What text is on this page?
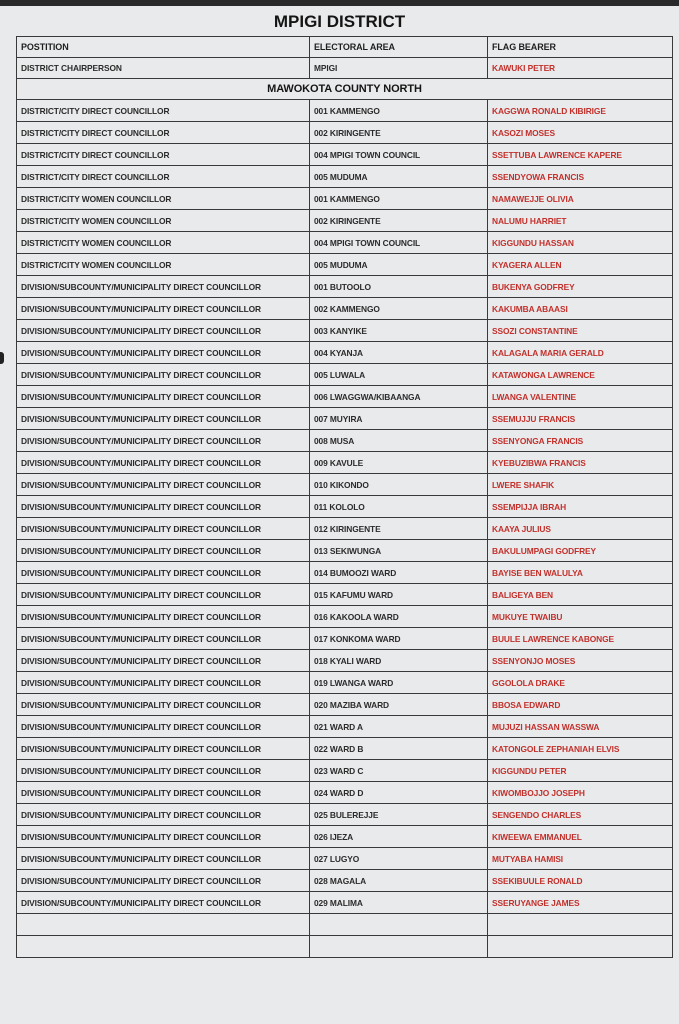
MPIGI DISTRICT
POSTITION	ELECTORAL AREA	FLAG BEARER
DISTRICT CHAIRPERSON	MPIGI	KAWUKI PETER
MAWOKOTA COUNTY NORTH		
DISTRICT/CITY DIRECT COUNCILLOR	001 KAMMENGO	KAGGWA RONALD KIBIRIGE
DISTRICT/CITY DIRECT COUNCILLOR	002 KIRINGENTE	KASOZI MOSES
DISTRICT/CITY DIRECT COUNCILLOR	004 MPIGI TOWN COUNCIL	SSETTUBA LAWRENCE KAPERE
DISTRICT/CITY DIRECT COUNCILLOR	005 MUDUMA	SSENDYOWA FRANCIS
DISTRICT/CITY WOMEN COUNCILLOR	001 KAMMENGO	NAMAWEJJE OLIVIA
DISTRICT/CITY WOMEN COUNCILLOR	002 KIRINGENTE	NALUMU HARRIET
DISTRICT/CITY WOMEN COUNCILLOR	004 MPIGI TOWN COUNCIL	KIGGUNDU HASSAN
DISTRICT/CITY WOMEN COUNCILLOR	005 MUDUMA	KYAGERA ALLEN
DIVISION/SUBCOUNTY/MUNICIPALITY DIRECT COUNCILLOR	001 BUTOOLO	BUKENYA GODFREY
DIVISION/SUBCOUNTY/MUNICIPALITY DIRECT COUNCILLOR	002 KAMMENGO	KAKUMBA ABAASI
DIVISION/SUBCOUNTY/MUNICIPALITY DIRECT COUNCILLOR	003 KANYIKE	SSOZI CONSTANTINE
DIVISION/SUBCOUNTY/MUNICIPALITY DIRECT COUNCILLOR	004 KYANJA	KALAGALA MARIA GERALD
DIVISION/SUBCOUNTY/MUNICIPALITY DIRECT COUNCILLOR	005 LUWALA	KATAWONGA LAWRENCE
DIVISION/SUBCOUNTY/MUNICIPALITY DIRECT COUNCILLOR	006 LWAGGWA/KIBAANGA	LWANGA VALENTINE
DIVISION/SUBCOUNTY/MUNICIPALITY DIRECT COUNCILLOR	007 MUYIRA	SSEMUJJU FRANCIS
DIVISION/SUBCOUNTY/MUNICIPALITY DIRECT COUNCILLOR	008 MUSA	SSENYONGA FRANCIS
DIVISION/SUBCOUNTY/MUNICIPALITY DIRECT COUNCILLOR	009 KAVULE	KYEBUZIBWA FRANCIS
DIVISION/SUBCOUNTY/MUNICIPALITY DIRECT COUNCILLOR	010 KIKONDO	LWERE SHAFIK
DIVISION/SUBCOUNTY/MUNICIPALITY DIRECT COUNCILLOR	011 KOLOLO	SSEMPIJJA IBRAH
DIVISION/SUBCOUNTY/MUNICIPALITY DIRECT COUNCILLOR	012 KIRINGENTE	KAAYA JULIUS
DIVISION/SUBCOUNTY/MUNICIPALITY DIRECT COUNCILLOR	013 SEKIWUNGA	BAKULUMPAGI GODFREY
DIVISION/SUBCOUNTY/MUNICIPALITY DIRECT COUNCILLOR	014 BUMOOZI WARD	BAYISE BEN WALULYA
DIVISION/SUBCOUNTY/MUNICIPALITY DIRECT COUNCILLOR	015 KAFUMU WARD	BALIGEYA BEN
DIVISION/SUBCOUNTY/MUNICIPALITY DIRECT COUNCILLOR	016 KAKOOLA WARD	MUKUYE TWAIBU
DIVISION/SUBCOUNTY/MUNICIPALITY DIRECT COUNCILLOR	017 KONKOMA WARD	BUULE LAWRENCE KABONGE
DIVISION/SUBCOUNTY/MUNICIPALITY DIRECT COUNCILLOR	018 KYALI WARD	SSENYONJO MOSES
DIVISION/SUBCOUNTY/MUNICIPALITY DIRECT COUNCILLOR	019 LWANGA WARD	GGOLOLA DRAKE
DIVISION/SUBCOUNTY/MUNICIPALITY DIRECT COUNCILLOR	020 MAZIBA WARD	BBOSA EDWARD
DIVISION/SUBCOUNTY/MUNICIPALITY DIRECT COUNCILLOR	021 WARD A	MUJUZI HASSAN WASSWA
DIVISION/SUBCOUNTY/MUNICIPALITY DIRECT COUNCILLOR	022 WARD B	KATONGOLE ZEPHANIAH ELVIS
DIVISION/SUBCOUNTY/MUNICIPALITY DIRECT COUNCILLOR	023 WARD C	KIGGUNDU PETER
DIVISION/SUBCOUNTY/MUNICIPALITY DIRECT COUNCILLOR	024 WARD D	KIWOMBOJJO JOSEPH
DIVISION/SUBCOUNTY/MUNICIPALITY DIRECT COUNCILLOR	025 BULEREJJE	SENGENDO CHARLES
DIVISION/SUBCOUNTY/MUNICIPALITY DIRECT COUNCILLOR	026 IJEZA	KIWEEWA EMMANUEL
DIVISION/SUBCOUNTY/MUNICIPALITY DIRECT COUNCILLOR	027 LUGYO	MUTYABA HAMISI
DIVISION/SUBCOUNTY/MUNICIPALITY DIRECT COUNCILLOR	028 MAGALA	SSEKIBUULE RONALD
DIVISION/SUBCOUNTY/MUNICIPALITY DIRECT COUNCILLOR	029 MALIMA	SSERUYANGE JAMES
